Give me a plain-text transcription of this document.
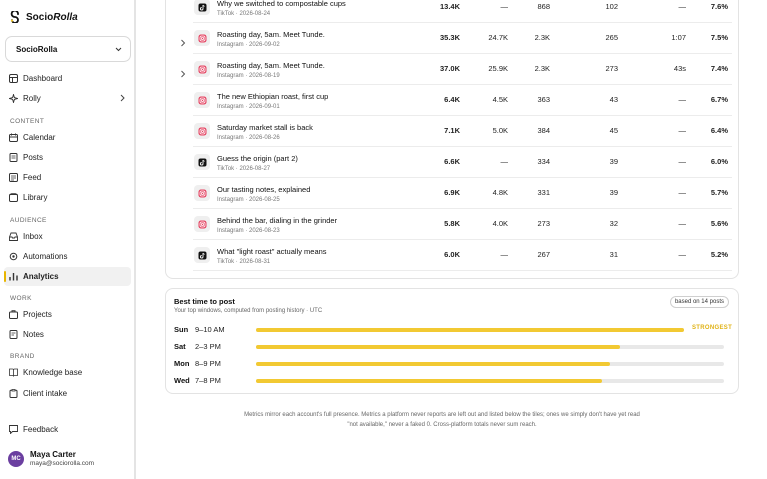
SocioRolla
SocioRolla
Dashboard
Rolly
CONTENT
Calendar
Posts
Feed
Library
AUDIENCE
Inbox
Automations
Analytics
WORK
Projects
Notes
BRAND
Knowledge base
Client intake
Feedback
MC	Maya Carter
maya@sociorolla.com
Why we switched to compostable cups
TikTok · 2026-08-24
13.4K	—	868	102	—	7.6%
Roasting day, 5am. Meet Tunde.
Instagram · 2026-09-02
35.3K	24.7K	2.3K	265	1:07	7.5%
Roasting day, 5am. Meet Tunde.
Instagram · 2026-08-19
37.0K	25.9K	2.3K	273	43s	7.4%
The new Ethiopian roast, first cup
Instagram · 2026-09-01
6.4K	4.5K	363	43	—	6.7%
Saturday market stall is back
Instagram · 2026-08-26
7.1K	5.0K	384	45	—	6.4%
Guess the origin (part 2)
TikTok · 2026-08-27
6.6K	—	334	39	—	6.0%
Our tasting notes, explained
Instagram · 2026-08-25
6.9K	4.8K	331	39	—	5.7%
Behind the bar, dialing in the grinder
Instagram · 2026-08-23
5.8K	4.0K	273	32	—	5.6%
What "light roast" actually means
TikTok · 2026-08-31
6.0K	—	267	31	—	5.2%
Best time to post
Your top windows, computed from posting history · UTC
based on 14 posts
Sun 9–10 AM	STRONGEST
Sat 2–3 PM
Mon 8–9 PM
Wed 7–8 PM
Metrics mirror each account's full presence. Metrics a platform never reports are left out and listed below the tiles; ones we simply don't have yet read "not available," never a faked 0. Cross-platform totals never sum reach.
